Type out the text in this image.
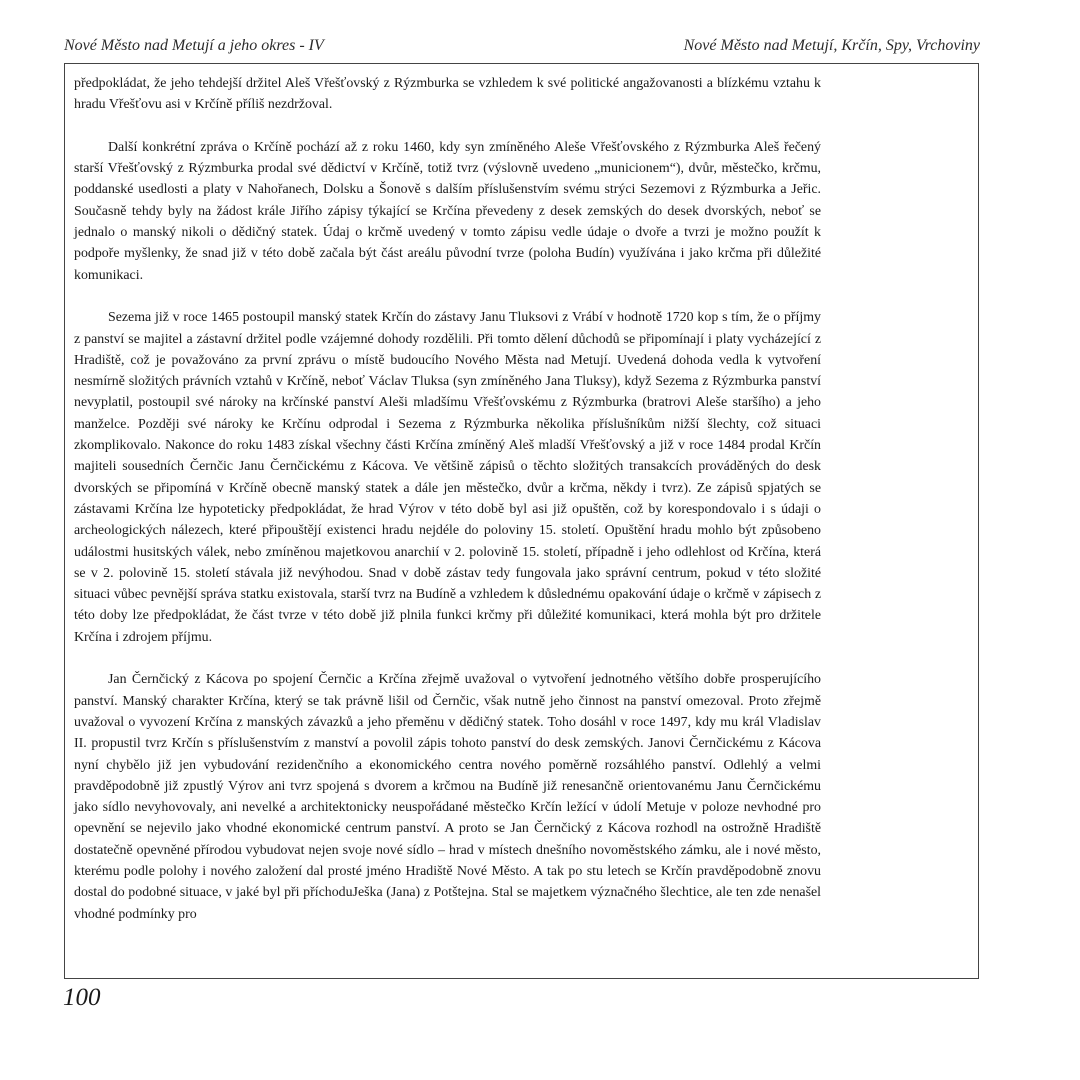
Nové Město nad Metují a jeho okres - IV	Nové Město nad Metují, Krčín, Spy, Vrchoviny

předpokládat, že jeho tehdejší držitel Aleš Vřešťovský z Rýzmburka se vzhledem k své politické angažovanosti a blízkému vztahu k hradu Vřešťovu asi v Krčíně příliš nezdržoval.

Další konkrétní zpráva o Krčíně pochází až z roku 1460, kdy syn zmíněného Aleše Vřešťovského z Rýzmburka Aleš řečený starší Vřešťovský z Rýzmburka prodal své dědictví v Krčíně, totiž tvrz (výslovně uvedeno „municionem“), dvůr, městečko, krčmu, poddanské usedlosti a platy v Nahořanech, Dolsku a Šonově s dalším příslušenstvím svému strýci Sezemovi z Rýzmburka a Jeřic. Současně tehdy byly na žádost krále Jiřího zápisy týkající se Krčína převedeny z desek zemských do desek dvorských, neboť se jednalo o manský nikoli o dědičný statek. Údaj o krčmě uvedený v tomto zápisu vedle údaje o dvoře a tvrzi je možno použít k podpoře myšlenky, že snad již v této době začala být část areálu původní tvrze (poloha Budín) využívána i jako krčma při důležité komunikaci.

Sezema již v roce 1465 postoupil manský statek Krčín do zástavy Janu Tluksovi z Vrábí v hodnotě 1720 kop s tím, že o příjmy z panství se majitel a zástavní držitel podle vzájemné dohody rozdělili. Při tomto dělení důchodů se připomínají i platy vycházející z Hradiště, což je považováno za první zprávu o místě budoucího Nového Města nad Metují. Uvedená dohoda vedla k vytvoření nesmírně složitých právních vztahů v Krčíně, neboť Václav Tluksa (syn zmíněného Jana Tluksy), když Sezema z Rýzmburka panství nevyplatil, postoupil své nároky na krčínské panství Aleši mladšímu Vřešťovskému z Rýzmburka (bratrovi Aleše staršího) a jeho manželce. Později své nároky ke Krčínu odprodal i Sezema z Rýzmburka několika příslušníkům nižší šlechty, což situaci zkomplikovalo. Nakonce do roku 1483 získal všechny části Krčína zmíněný Aleš mladší Vřešťovský a již v roce 1484 prodal Krčín majiteli sousedních Černčic Janu Černčickému z Kácova. Ve většině zápisů o těchto složitých transakcích prováděných do desk dvorských se připomíná v Krčíně obecně manský statek a dále jen městečko, dvůr a krčma, někdy i tvrz). Ze zápisů spjatých se zástavami Krčína lze hypoteticky předpokládat, že hrad Výrov v této době byl asi již opuštěn, což by korespondovalo i s údaji o archeologických nálezech, které připouštějí existenci hradu nejdéle do poloviny 15. století. Opuštění hradu mohlo být způsobeno událostmi husitských válek, nebo zmíněnou majetkovou anarchií v 2. polovině 15. století, případně i jeho odlehlost od Krčína, která se v 2. polovině 15. století stávala již nevýhodou. Snad v době zástav tedy fungovala jako správní centrum, pokud v této složité situaci vůbec pevnější správa statku existovala, starší tvrz na Budíně a vzhledem k důslednému opakování údaje o krčmě v zápisech z této doby lze předpokládat, že část tvrze v této době již plnila funkci krčmy při důležité komunikaci, která mohla být pro držitele Krčína i zdrojem příjmu.

Jan Černčický z Kácova po spojení Černčic a Krčína zřejmě uvažoval o vytvoření jednotného většího dobře prosperujícího panství. Manský charakter Krčína, který se tak právně lišil od Černčic, však nutně jeho činnost na panství omezoval. Proto zřejmě uvažoval o vyvození Krčína z manských závazků a jeho přeměnu v dědičný statek. Toho dosáhl v roce 1497, kdy mu král Vladislav II. propustil tvrz Krčín s příslušenstvím z manství a povolil zápis tohoto panství do desk zemských. Janovi Černčickému z Kácova nyní chybělo již jen vybudování rezidenčního a ekonomického centra nového poměrně rozsáhlého panství. Odlehlý a velmi pravděpodobně již zpustlý Výrov ani tvrz spojená s dvorem a krčmou na Budíně již renesančně orientovanému Janu Černčickému jako sídlo nevyhovovaly, ani nevelké a architektonicky neuspořádané městečko Krčín ležící v údolí Metuje v poloze nevhodné pro opevnění se nejevilo jako vhodné ekonomické centrum panství. A proto se Jan Černčický z Kácova rozhodl na ostrožně Hradiště dostatečně opevněné přírodou vybudovat nejen svoje nové sídlo – hrad v místech dnešního novoměstského zámku, ale i nové město, kterému podle polohy i nového založení dal prosté jméno Hradiště Nové Město. A tak po stu letech se Krčín pravděpodobně znovu dostal do podobné situace, v jaké byl při příchoduJeška (Jana) z Potštejna. Stal se majetkem význačného šlechtice, ale ten zde nenašel vhodné podmínky pro

100
